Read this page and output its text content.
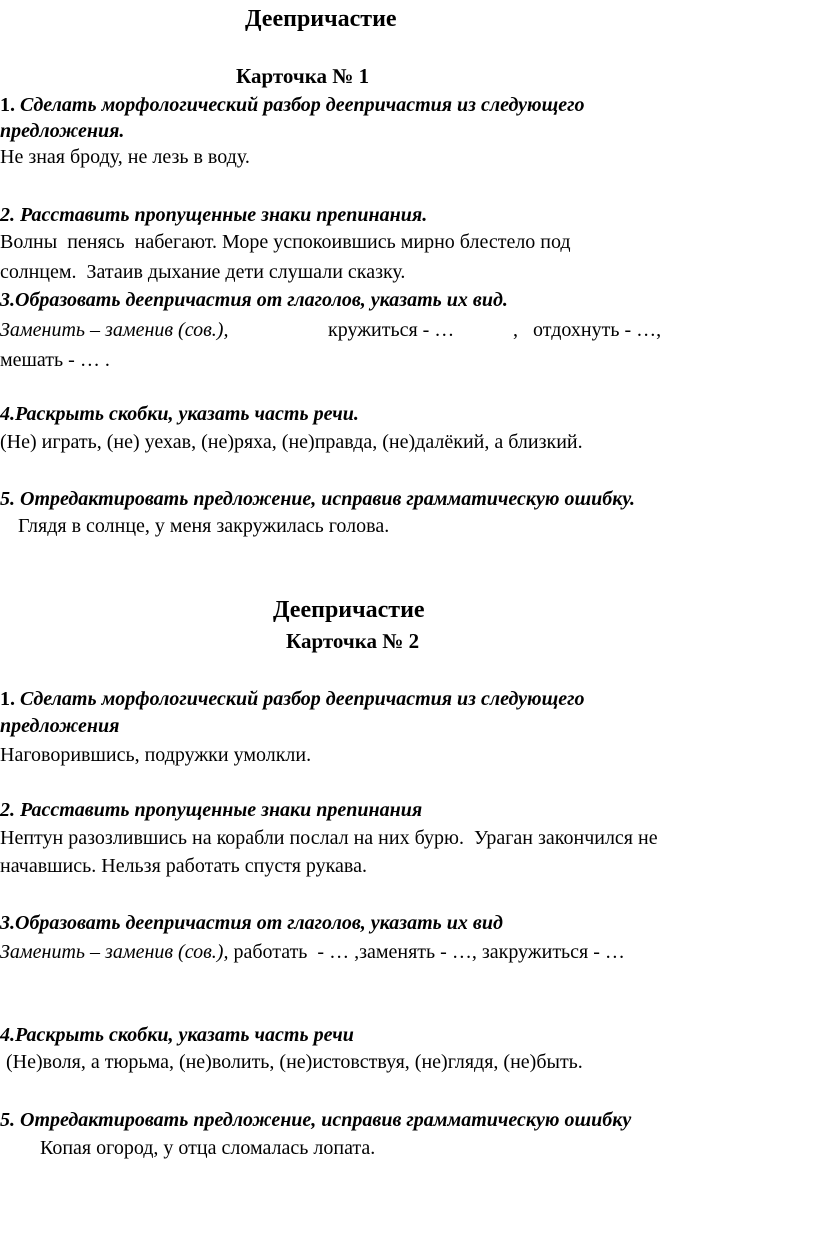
Деепричастие
Карточка № 1
1. Сделать морфологический разбор деепричастия из следующего
предложения.
Не зная броду, не лезь в воду.
2. Расставить пропущенные знаки препинания.
Волны  пенясь  набегают. Море успокоившись мирно блестело под
солнцем.  Затаив дыхание дети слушали сказку.
3.Образовать деепричастия от глаголов, указать их вид.
Заменить – заменив (сов.),	кружиться - …	, отдохнуть - …,
мешать - … .
4.Раскрыть скобки, указать часть речи.
(Не) играть, (не) уехав, (не)ряха, (не)правда, (не)далёкий, а близкий.
5. Отредактировать предложение, исправив грамматическую ошибку.
Глядя в солнце, у меня закружилась голова.
Деепричастие
Карточка № 2
1. Сделать морфологический разбор деепричастия из следующего
предложения
Наговорившись, подружки умолкли.
2. Расставить пропущенные знаки препинания
Нептун разозлившись на корабли послал на них бурю.  Ураган закончился не
начавшись. Нельзя работать спустя рукава.
3.Образовать деепричастия от глаголов, указать их вид
Заменить – заменив (сов.), работать  - … ,заменять - …, закружиться - …
4.Раскрыть скобки, указать часть речи
(Не)воля, а тюрьма, (не)волить, (не)истовствуя, (не)глядя, (не)быть.
5. Отредактировать предложение, исправив грамматическую ошибку
Копая огород, у отца сломалась лопата.
